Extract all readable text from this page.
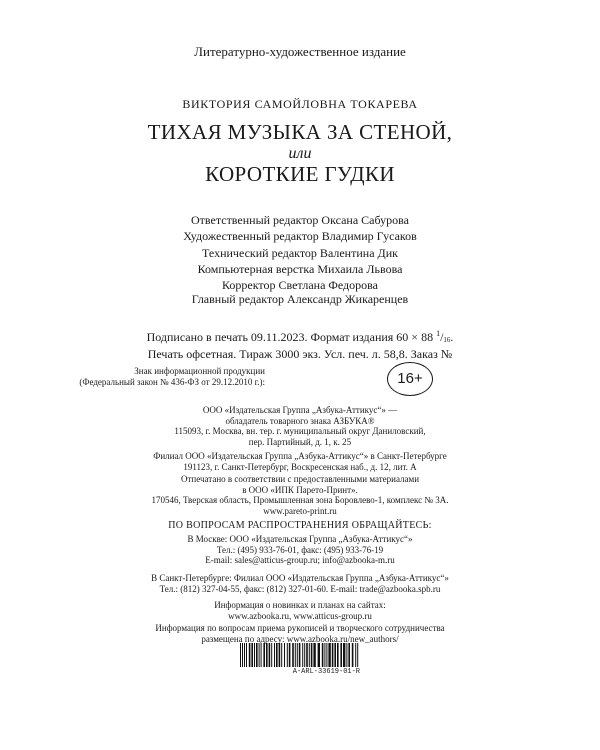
Литературно-художественное издание
ВИКТОРИЯ САМОЙЛОВНА ТОКАРЕВА
ТИХАЯ МУЗЫКА ЗА СТЕНОЙ,
или
КОРОТКИЕ ГУДКИ
Ответственный редактор Оксана Сабурова
Художественный редактор Владимир Гусаков
Технический редактор Валентина Дик
Компьютерная верстка Михаила Львова
Корректор Светлана Федорова
Главный редактор Александр Жикаренцев
Подписано в печать 09.11.2023. Формат издания 60 × 88 $^1/_{16}$.
Печать офсетная. Тираж 3000 экз. Усл. печ. л. 58,8. Заказ №
Знак информационной продукции
(Федеральный закон № 436-ФЗ от 29.12.2010 г.):	16+
ООО «Издательская Группа „Азбука-Аттикус“» —
обладатель товарного знака АЗБУКА®
115093, г. Москва, вн. тер. г. муниципальный округ Даниловский,
пер. Партийный, д. 1, к. 25
Филиал ООО «Издательская Группа „Азбука-Аттикус“» в Санкт-Петербурге
191123, г. Санкт-Петербург, Воскресенская наб., д. 12, лит. А
Отпечатано в соответствии с предоставленными материалами
в ООО «ИПК Парето-Принт».
170546, Тверская область, Промышленная зона Боровлево-1, комплекс № 3А.
www.pareto-print.ru
ПО ВОПРОСАМ РАСПРОСТРАНЕНИЯ ОБРАЩАЙТЕСЬ:
В Москве: ООО «Издательская Группа „Азбука-Аттикус“»
Тел.: (495) 933-76-01, факс: (495) 933-76-19
E-mail: sales@atticus-group.ru; info@azbooka-m.ru
В Санкт-Петербурге: Филиал ООО «Издательская Группа „Азбука-Аттикус“»
Тел.: (812) 327-04-55, факс: (812) 327-01-60. E-mail: trade@azbooka.spb.ru
Информация о новинках и планах на сайтах:
www.azbooka.ru, www.atticus-group.ru
Информация по вопросам приема рукописей и творческого сотрудничества
размещена по адресу: www.azbooka.ru/new_authors/
A-ARL-33619-01-R
